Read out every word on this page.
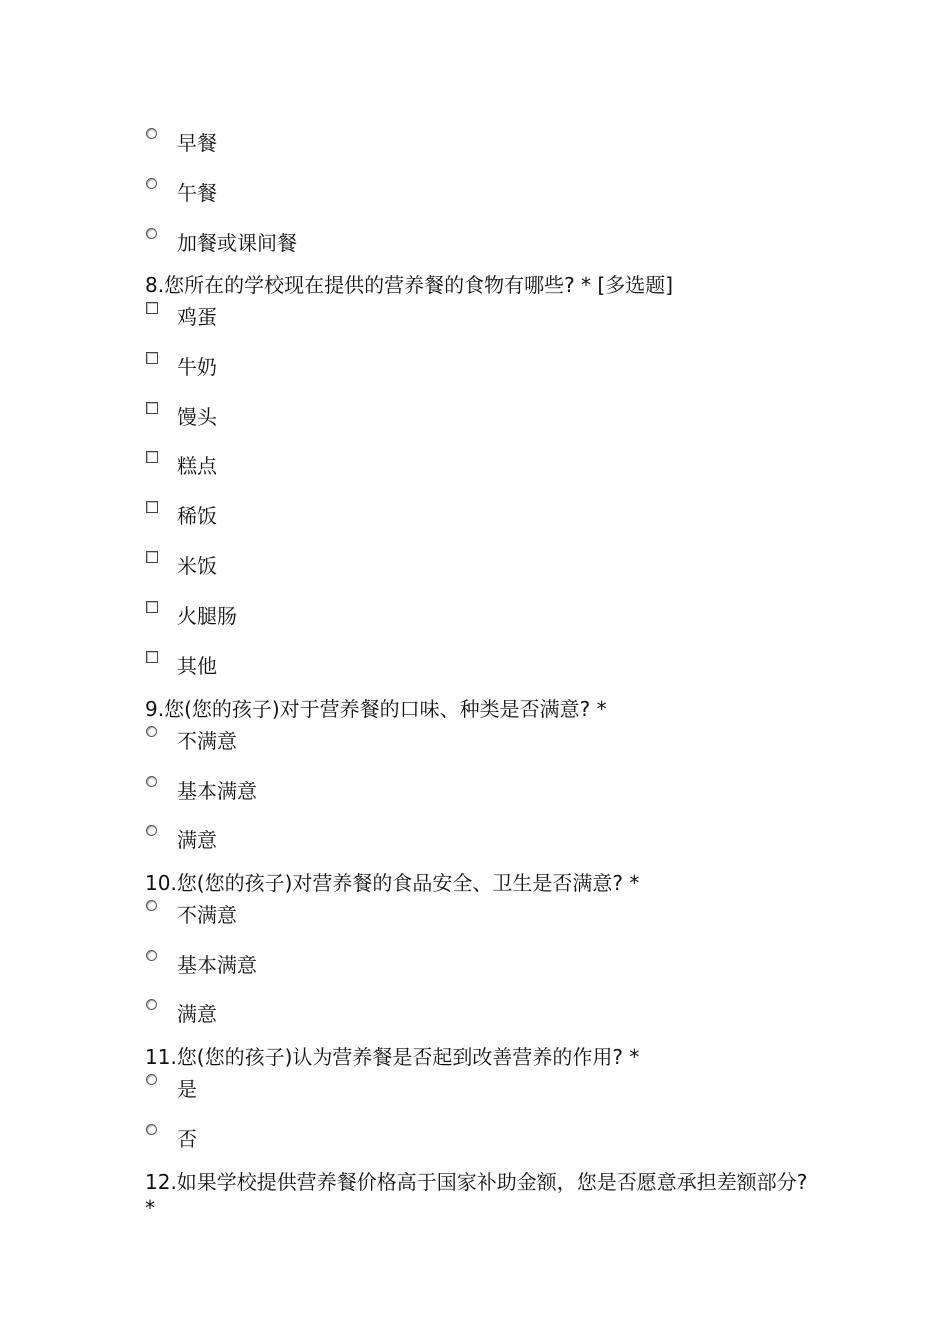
早餐
午餐
加餐或课间餐
8.您所在的学校现在提供的营养餐的食物有哪些? * [多选题]
鸡蛋
牛奶
馒头
糕点
稀饭
米饭
火腿肠
其他
9.您(您的孩子)对于营养餐的口味、种类是否满意? *
不满意
基本满意
满意
10.您(您的孩子)对营养餐的食品安全、卫生是否满意? *
不满意
基本满意
满意
11.您(您的孩子)认为营养餐是否起到改善营养的作用? *
是
否
12.如果学校提供营养餐价格高于国家补助金额，您是否愿意承担差额部分? *
